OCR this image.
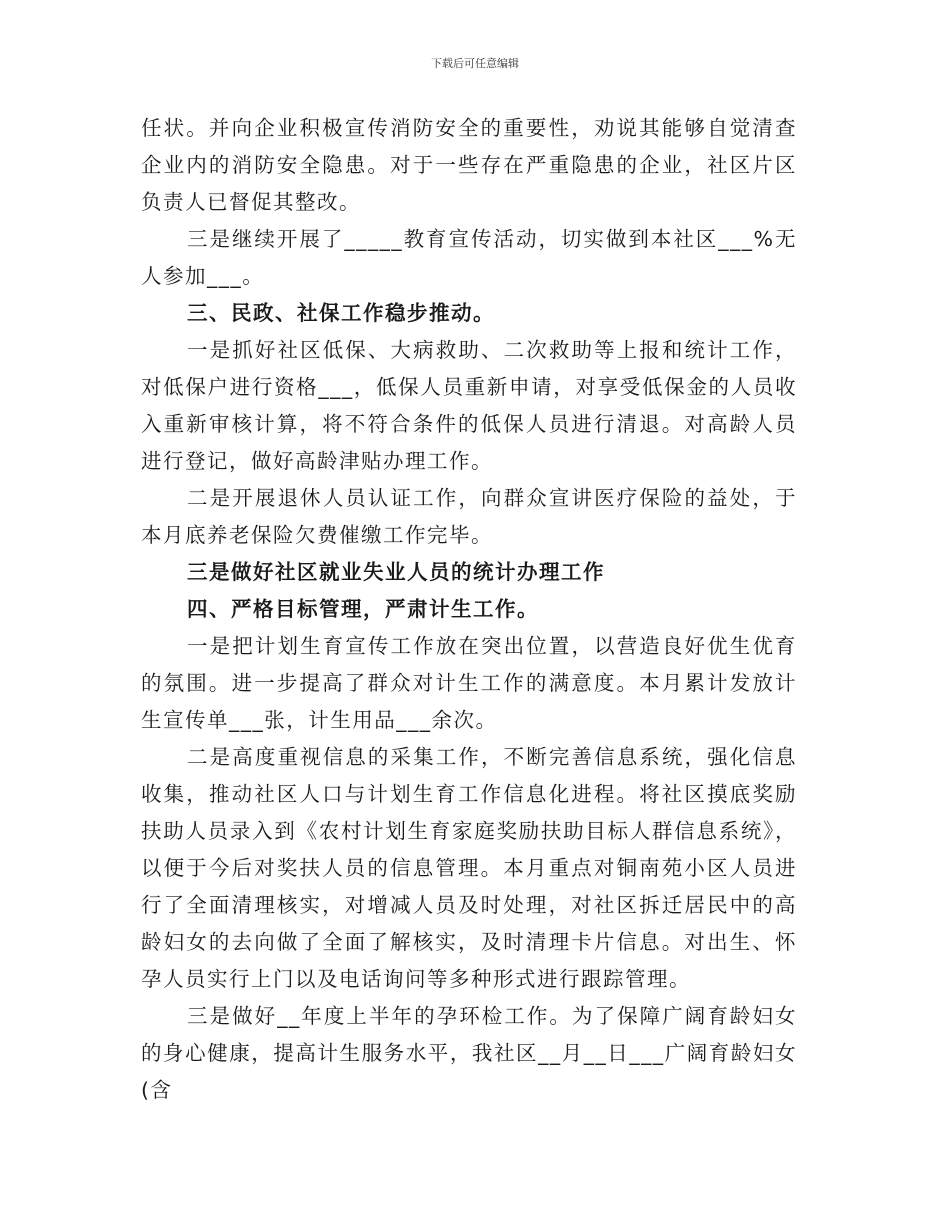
下载后可任意编辑

任状。并向企业积极宣传消防安全的重要性，劝说其能够自觉清查企业内的消防安全隐患。对于一些存在严重隐患的企业，社区片区负责人已督促其整改。

三是继续开展了_____教育宣传活动，切实做到本社区___%无人参加___。

三、民政、社保工作稳步推动。

一是抓好社区低保、大病救助、二次救助等上报和统计工作，对低保户进行资格___，低保人员重新申请，对享受低保金的人员收入重新审核计算，将不符合条件的低保人员进行清退。对高龄人员进行登记，做好高龄津贴办理工作。

二是开展退休人员认证工作，向群众宣讲医疗保险的益处，于本月底养老保险欠费催缴工作完毕。

三是做好社区就业失业人员的统计办理工作

四、严格目标管理，严肃计生工作。

一是把计划生育宣传工作放在突出位置，以营造良好优生优育的氛围。进一步提高了群众对计生工作的满意度。本月累计发放计生宣传单___张，计生用品___余次。

二是高度重视信息的采集工作，不断完善信息系统，强化信息收集，推动社区人口与计划生育工作信息化进程。将社区摸底奖励扶助人员录入到《农村计划生育家庭奖励扶助目标人群信息系统》，以便于今后对奖扶人员的信息管理。本月重点对铜南苑小区人员进行了全面清理核实，对增减人员及时处理，对社区拆迁居民中的高龄妇女的去向做了全面了解核实，及时清理卡片信息。对出生、怀孕人员实行上门以及电话询问等多种形式进行跟踪管理。

三是做好__年度上半年的孕环检工作。为了保障广阔育龄妇女的身心健康，提高计生服务水平，我社区__月__日___广阔育龄妇女(含
